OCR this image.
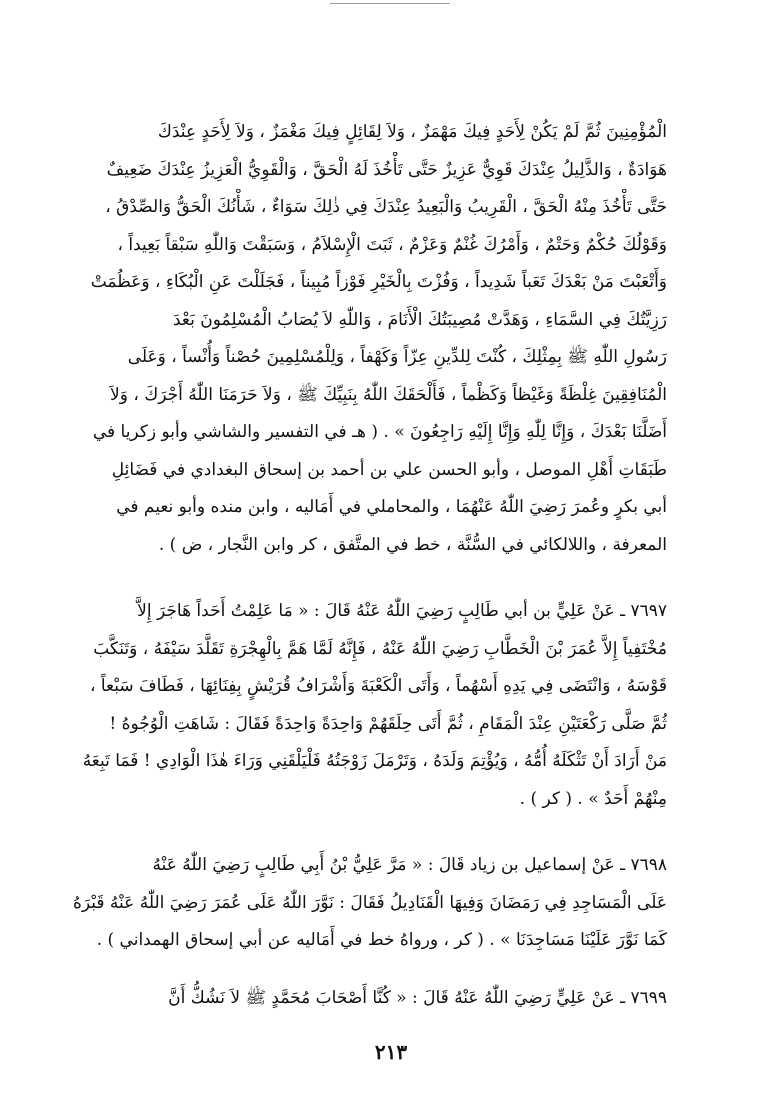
الْمُؤْمِنِينَ ثُمَّ لَمْ يَكُنْ لِأَحَدٍ فِيكَ مَهْمَزٌ ، وَلاَ لِقَائِلٍ فِيكَ مَغْمَزٌ ، وَلاَ لِأَحَدٍ عِنْدَكَ
هَوَادَةٌ ، وَالذَّلِيلُ عِنْدَكَ قَوِيٌّ عَزِيزٌ حَتَّى تَأْخُذَ لَهُ الْحَقَّ ، وَالْقَوِيُّ الْعَزِيزُ عِنْدَكَ ضَعِيفٌ
حَتَّى تَأْخُذَ مِنْهُ الْحَقَّ ، الْقَرِيبُ وَالْبَعِيدُ عِنْدَكَ فِي ذٰلِكَ سَوَاءٌ ، شَأْنُكَ الْحَقُّ وَالصِّدْقُ ،
وَقَوْلُكَ حُكْمٌ وَحَتْمٌ ، وَأَمْرُكَ غُنْمٌ وَعَزْمٌ ، ثَبَتَ الْإِسْلاَمُ ، وَسَبَقْتَ وَاللّٰهِ سَبْقاً بَعِيداً ،
وَأَتْعَبْتَ مَنْ بَعْدَكَ تَعَباً شَدِيداً ، وَفُزْتَ بِالْخَيْرِ فَوْزاً مُبِيناً ، فَجَلَلْتَ عَنِ الْبُكَاءِ ، وَعَظُمَتْ
رَزِيَّتُكَ فِي السَّمَاءِ ، وَهَدَّتْ مُصِيبَتُكَ الْأَنَامَ ، وَاللّٰهِ لاَ يُصَابُ الْمُسْلِمُونَ بَعْدَ
رَسُولِ اللّٰهِ ﷺ بِمِثْلِكَ ، كُنْتَ لِلدِّينِ عِزّاً وَكَهْفاً ، وَلِلْمُسْلِمِينَ حُصْناً وَأُنْساً ، وَعَلَى
الْمُنَافِقِينَ غِلْظَةً وَغَيْظاً وَكَظْماً ، فَأَلْحَقَكَ اللّٰهُ بِنَبِيِّكَ ﷺ ، وَلاَ حَرَمَنَا اللّٰهُ أَجْرَكَ ، وَلاَ
أَضَلَّنَا بَعْدَكَ ، وَإِنَّا لِلّٰهِ وَإِنَّا إِلَيْهِ رَاجِعُونَ » . ( هـ في التفسير والشاشي وأبو زكريا في
طَبَقَاتِ أَهْلِ الموصل ، وأبو الحسن علي بن أحمد بن إسحاق البغدادي في فَضَائِلِ
أبي بكرٍ وعُمرَ رَضِيَ اللّٰهُ عَنْهُمَا ، والمحاملي في أَمَاليه ، وابن منده وأبو نعيم في
المعرفة ، واللالكائي في السُّنَّة ، خط في المتَّفق ، كر وابن النَّجار ، ض ) .
٧٦٩٧ ـ عَنْ عَلِيٍّ بن أبي طَالِبٍ رَضِيَ اللّٰهُ عَنْهُ قَالَ : « مَا عَلِمْتُ أَحَداً هَاجَرَ إِلاَّ
مُخْتَفِياً إِلاَّ عُمَرَ بْنَ الْخَطَّابِ رَضِيَ اللّٰهُ عَنْهُ ، فَإِنَّهُ لَمَّا هَمَّ بِالْهِجْرَةِ تَقَلَّدَ سَيْفَهُ ، وَتَنَكَّبَ
قَوْسَهُ ، وَانْتَضَى فِي يَدِهِ أَسْهُماً ، وَأَتَى الْكَعْبَةَ وَأَشْرَافُ قُرَيْشٍ بِفِنَائِهَا ، فَطَافَ سَبْعاً ،
ثُمَّ صَلَّى رَكْعَتَيْنِ عِنْدَ الْمَقَامِ ، ثُمَّ أَتَى حِلَقَهُمْ وَاحِدَةً وَاحِدَةً فَقَالَ : شَاهَتِ الْوُجُوهُ !
مَنْ أَرَادَ أَنْ تَثْكَلَهُ أُمُّهُ ، وَيُؤْتِمَ وَلَدَهُ ، وَتَرْمَلَ زَوْجَتُهُ فَلْيَلْقَنِي وَرَاءَ هٰذَا الْوَادِي ! فَمَا تَبِعَهُ
مِنْهُمْ أَحَدٌ » . ( كر ) .
٧٦٩٨ ـ عَنْ إسماعيل بن زياد قَالَ : « مَرَّ عَلِيُّ بْنُ أَبِي طَالِبٍ رَضِيَ اللّٰهُ عَنْهُ
عَلَى الْمَسَاجِدِ فِي رَمَضَانَ وَفِيهَا الْقَنَادِيلُ فَقَالَ : نَوَّرَ اللّٰهُ عَلَى عُمَرَ رَضِيَ اللّٰهُ عَنْهُ قَبْرَهُ
كَمَا نَوَّرَ عَلَيْنَا مَسَاجِدَنَا » . ( كر ، ورواهُ خط في أَمَاليه عن أبي إسحاق الهمداني ) .
٧٦٩٩ ـ عَنْ عَلِيٍّ رَضِيَ اللّٰهُ عَنْهُ قَالَ : « كُنَّا أَصْحَابَ مُحَمَّدٍ ﷺ لاَ نَشُكُّ أَنَّ
٢١٣
